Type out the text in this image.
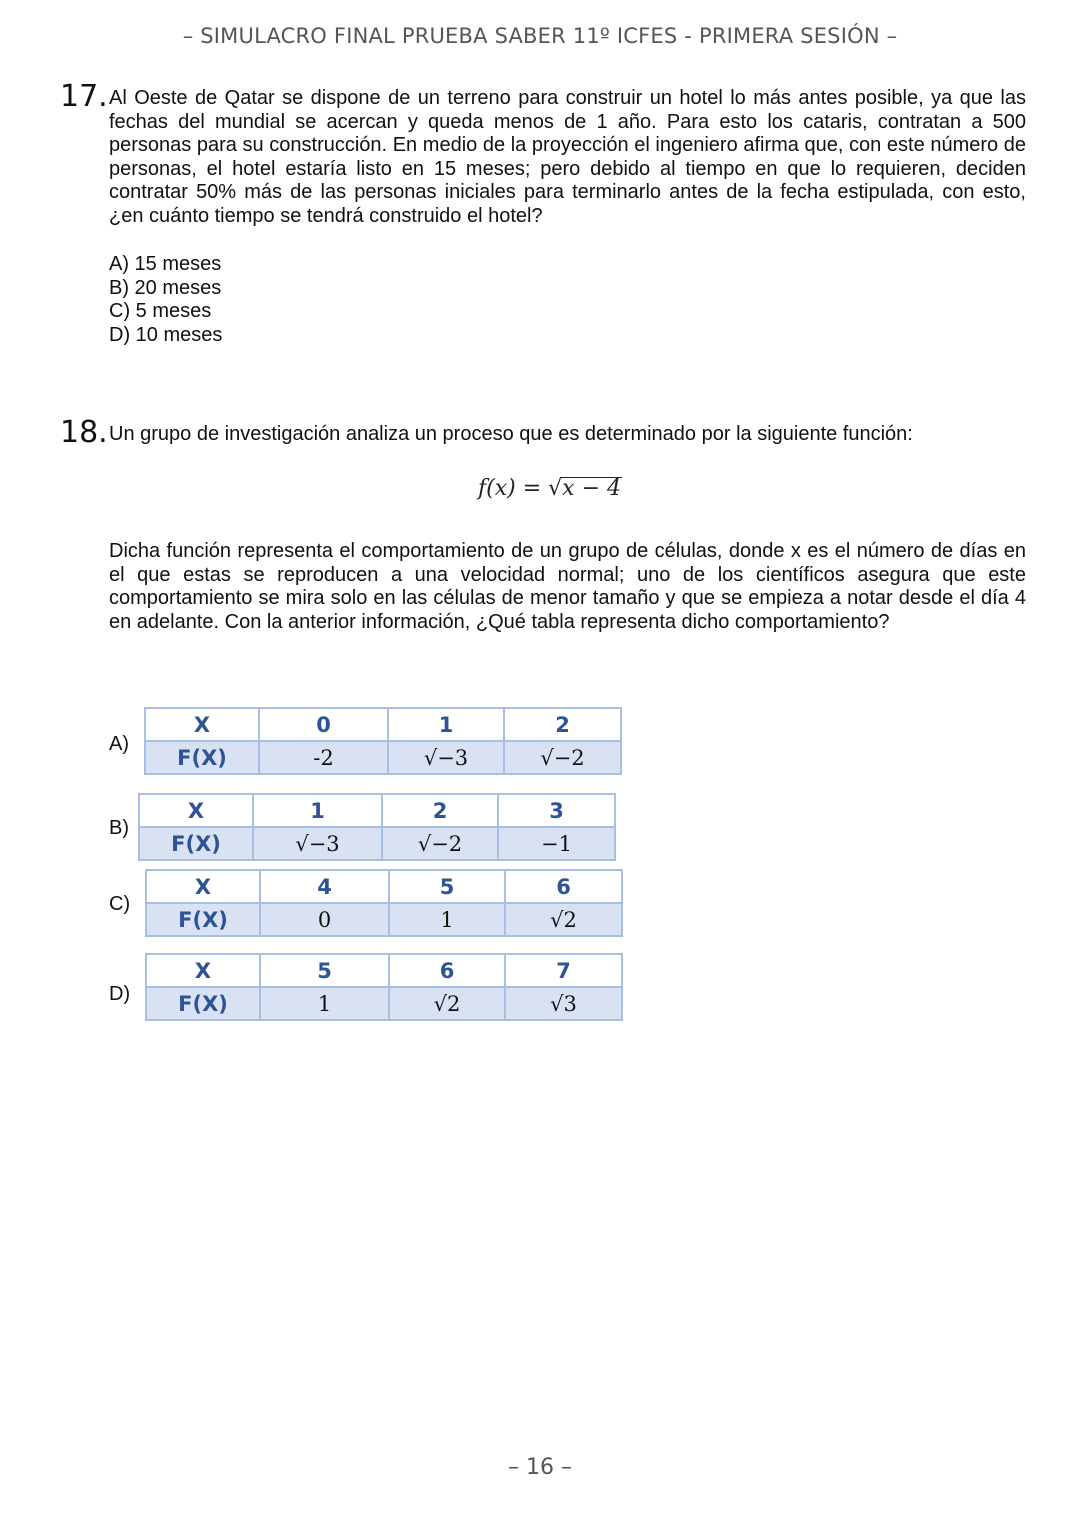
– SIMULACRO FINAL PRUEBA SABER 11º ICFES - PRIMERA SESIÓN –
17. Al Oeste de Qatar se dispone de un terreno para construir un hotel lo más antes posible, ya que las fechas del mundial se acercan y queda menos de 1 año. Para esto los cataris, contratan a 500 personas para su construcción. En medio de la proyección el ingeniero afirma que, con este número de personas, el hotel estaría listo en 15 meses; pero debido al tiempo en que lo requieren, deciden contratar 50% más de las personas iniciales para terminarlo antes de la fecha estipulada, con esto, ¿en cuánto tiempo se tendrá construido el hotel?
A) 15 meses
B) 20 meses
C) 5 meses
D) 10 meses
18. Un grupo de investigación analiza un proceso que es determinado por la siguiente función:
f(x) = √x − 4
Dicha función representa el comportamiento de un grupo de células, donde x es el número de días en el que estas se reproducen a una velocidad normal; uno de los científicos asegura que este comportamiento se mira solo en las células de menor tamaño y que se empieza a notar desde el día 4 en adelante. Con la anterior información, ¿Qué tabla representa dicho comportamiento?
A)
X	0	1	2
F(X)	-2	√−3	√−2
B)
X	1	2	3
F(X)	√−3	√−2	−1
C)
X	4	5	6
F(X)	0	1	√2
D)
X	5	6	7
F(X)	1	√2	√3
– 16 –
